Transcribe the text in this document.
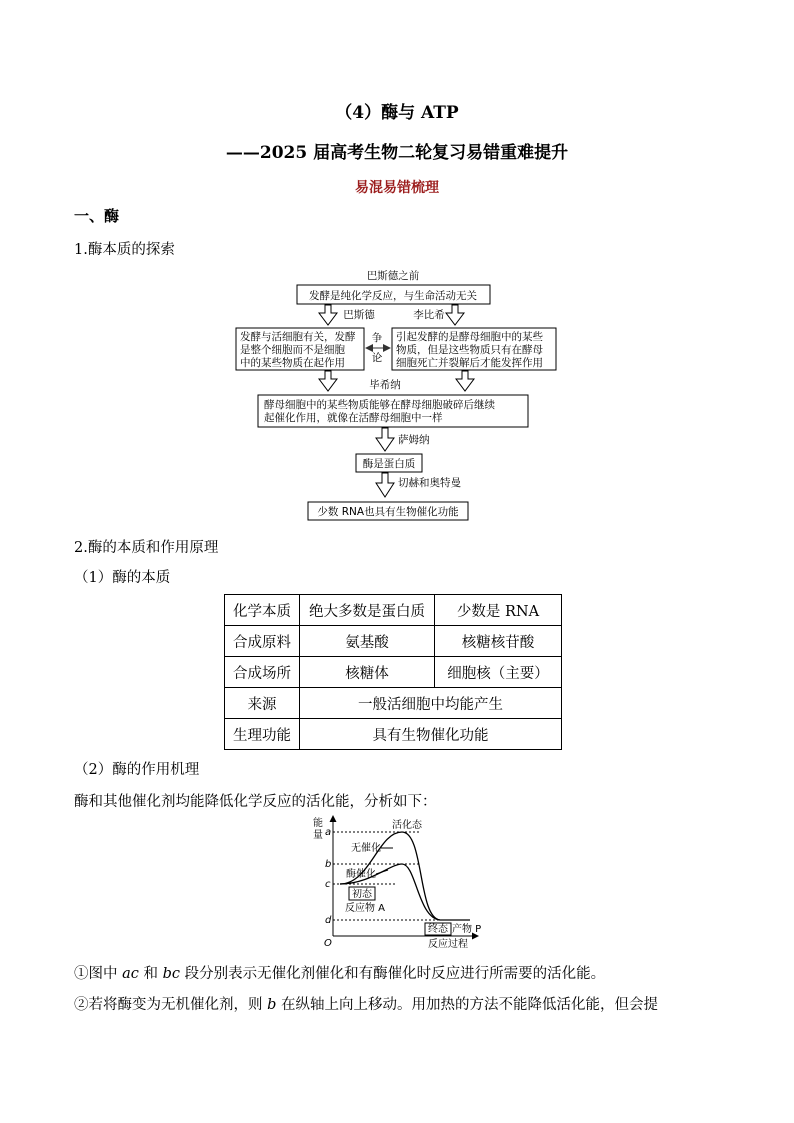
（4）酶与 ATP
——2025 届高考生物二轮复习易错重难提升
易混易错梳理
一、酶
1.酶本质的探索
巴斯德之前
发酵是纯化学反应，与生命活动无关
巴斯德	李比希
发酵与活细胞有关，发酵
是整个细胞而不是细胞
中的某些物质在起作用
争
论
引起发酵的是酵母细胞中的某些
物质，但是这些物质只有在酵母
细胞死亡并裂解后才能发挥作用
毕希纳
酵母细胞中的某些物质能够在酵母细胞破碎后继续
起催化作用，就像在活酵母细胞中一样
萨姆纳
酶是蛋白质
切赫和奥特曼
少数 RNA也具有生物催化功能
2.酶的本质和作用原理
（1）酶的本质
化学本质	绝大多数是蛋白质	少数是 RNA
合成原料	氨基酸	核糖核苷酸
合成场所	核糖体	细胞核（主要）
来源	一般活细胞中均能产生	
生理功能	具有生物催化功能	
（2）酶的作用机理
酶和其他催化剂均能降低化学反应的活化能，分析如下：
能
量
反应过程
O
a
b
c
d
活化态
无催化
酶催化
初态
反应物 A
终态 产物 P
①图中 ac 和 bc 段分别表示无催化剂催化和有酶催化时反应进行所需要的活化能。
②若将酶变为无机催化剂，则 b 在纵轴上向上移动。用加热的方法不能降低活化能，但会提
